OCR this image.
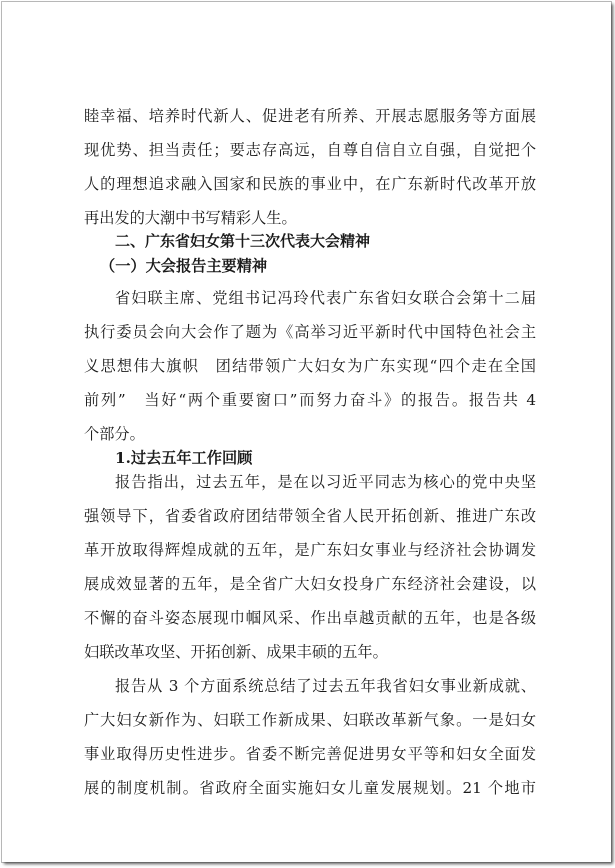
睦幸福、培养时代新人、促进老有所养、开展志愿服务等方面展
现优势、担当责任；要志存高远，自尊自信自立自强，自觉把个
人的理想追求融入国家和民族的事业中，在广东新时代改革开放
再出发的大潮中书写精彩人生。
二、广东省妇女第十三次代表大会精神
（一）大会报告主要精神
省妇联主席、党组书记冯玲代表广东省妇女联合会第十二届
执行委员会向大会作了题为《高举习近平新时代中国特色社会主
义思想伟大旗帜　团结带领广大妇女为广东实现“四个走在全国
前列”　当好“两个重要窗口”而努力奋斗》的报告。报告共 4
个部分。
1.过去五年工作回顾
报告指出，过去五年，是在以习近平同志为核心的党中央坚
强领导下，省委省政府团结带领全省人民开拓创新、推进广东改
革开放取得辉煌成就的五年，是广东妇女事业与经济社会协调发
展成效显著的五年，是全省广大妇女投身广东经济社会建设，以
不懈的奋斗姿态展现巾帼风采、作出卓越贡献的五年，也是各级
妇联改革攻坚、开拓创新、成果丰硕的五年。
报告从 3 个方面系统总结了过去五年我省妇女事业新成就、
广大妇女新作为、妇联工作新成果、妇联改革新气象。一是妇女
事业取得历史性进步。省委不断完善促进男女平等和妇女全面发
展的制度机制。省政府全面实施妇女儿童发展规划。21 个地市
